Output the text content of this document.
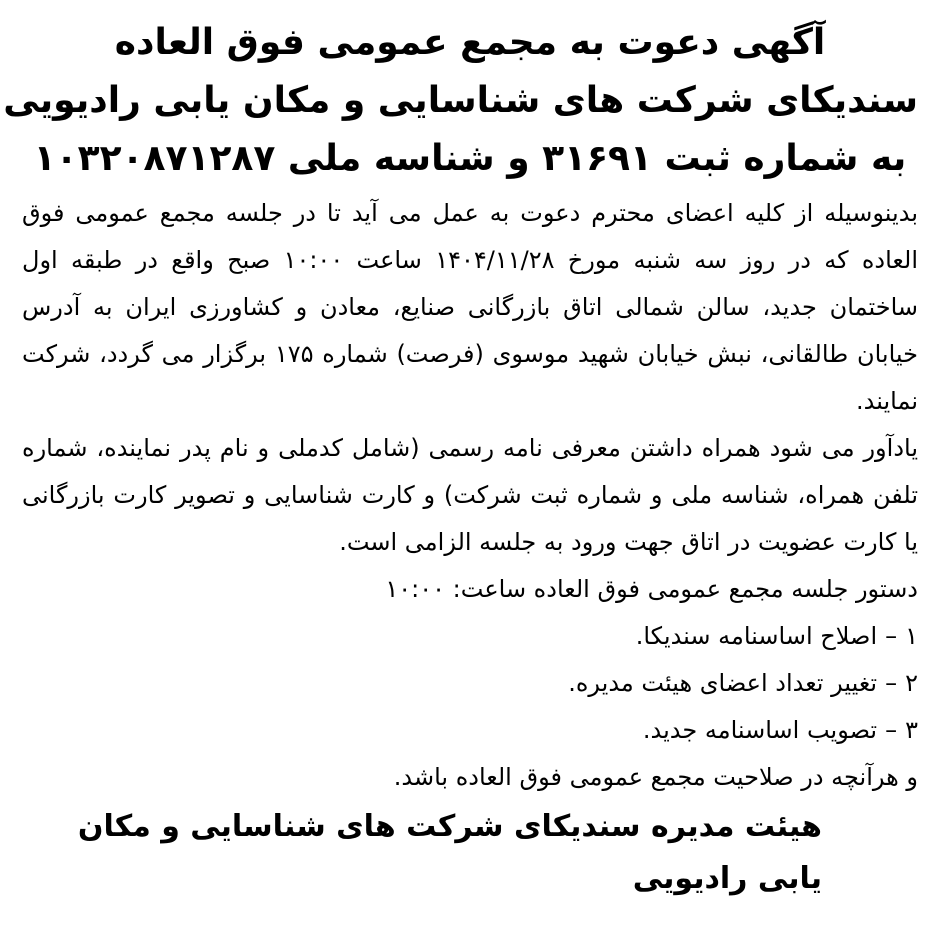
آگهی دعوت به مجمع عمومی فوق العاده
سندیکای شرکت های شناسایی و مکان یابی رادیویی
به شماره ثبت ۳۱۶۹۱ و شناسه ملی ۱۰۳۲۰۸۷۱۲۸۷

بدینوسیله از کلیه اعضای محترم دعوت به عمل می آید تا در جلسه مجمع عمومی فوق العاده که در روز سه شنبه مورخ ۱۴۰۴/۱۱/۲۸ ساعت ۱۰:۰۰ صبح واقع در طبقه اول ساختمان جدید، سالن شمالی اتاق بازرگانی صنایع، معادن و کشاورزی ایران به آدرس خیابان طالقانی، نبش خیابان شهید موسوی (فرصت) شماره ۱۷۵ برگزار می گردد، شرکت نمایند.

یادآور می شود همراه داشتن معرفی نامه رسمی (شامل کدملی و نام پدر نماینده، شماره تلفن همراه، شناسه ملی و شماره ثبت شرکت) و کارت شناسایی و تصویر کارت بازرگانی یا کارت عضویت در اتاق جهت ورود به جلسه الزامی است.

دستور جلسه مجمع عمومی فوق العاده ساعت: ۱۰:۰۰

۱–اصلاح اساسنامه سندیکا.
۲–تغییر تعداد اعضای هیئت مدیره.
۳–تصویب اساسنامه جدید.

و هرآنچه در صلاحیت مجمع عمومی فوق العاده باشد.

هیئت مدیره سندیکای شرکت های شناسایی و مکان یابی رادیویی
